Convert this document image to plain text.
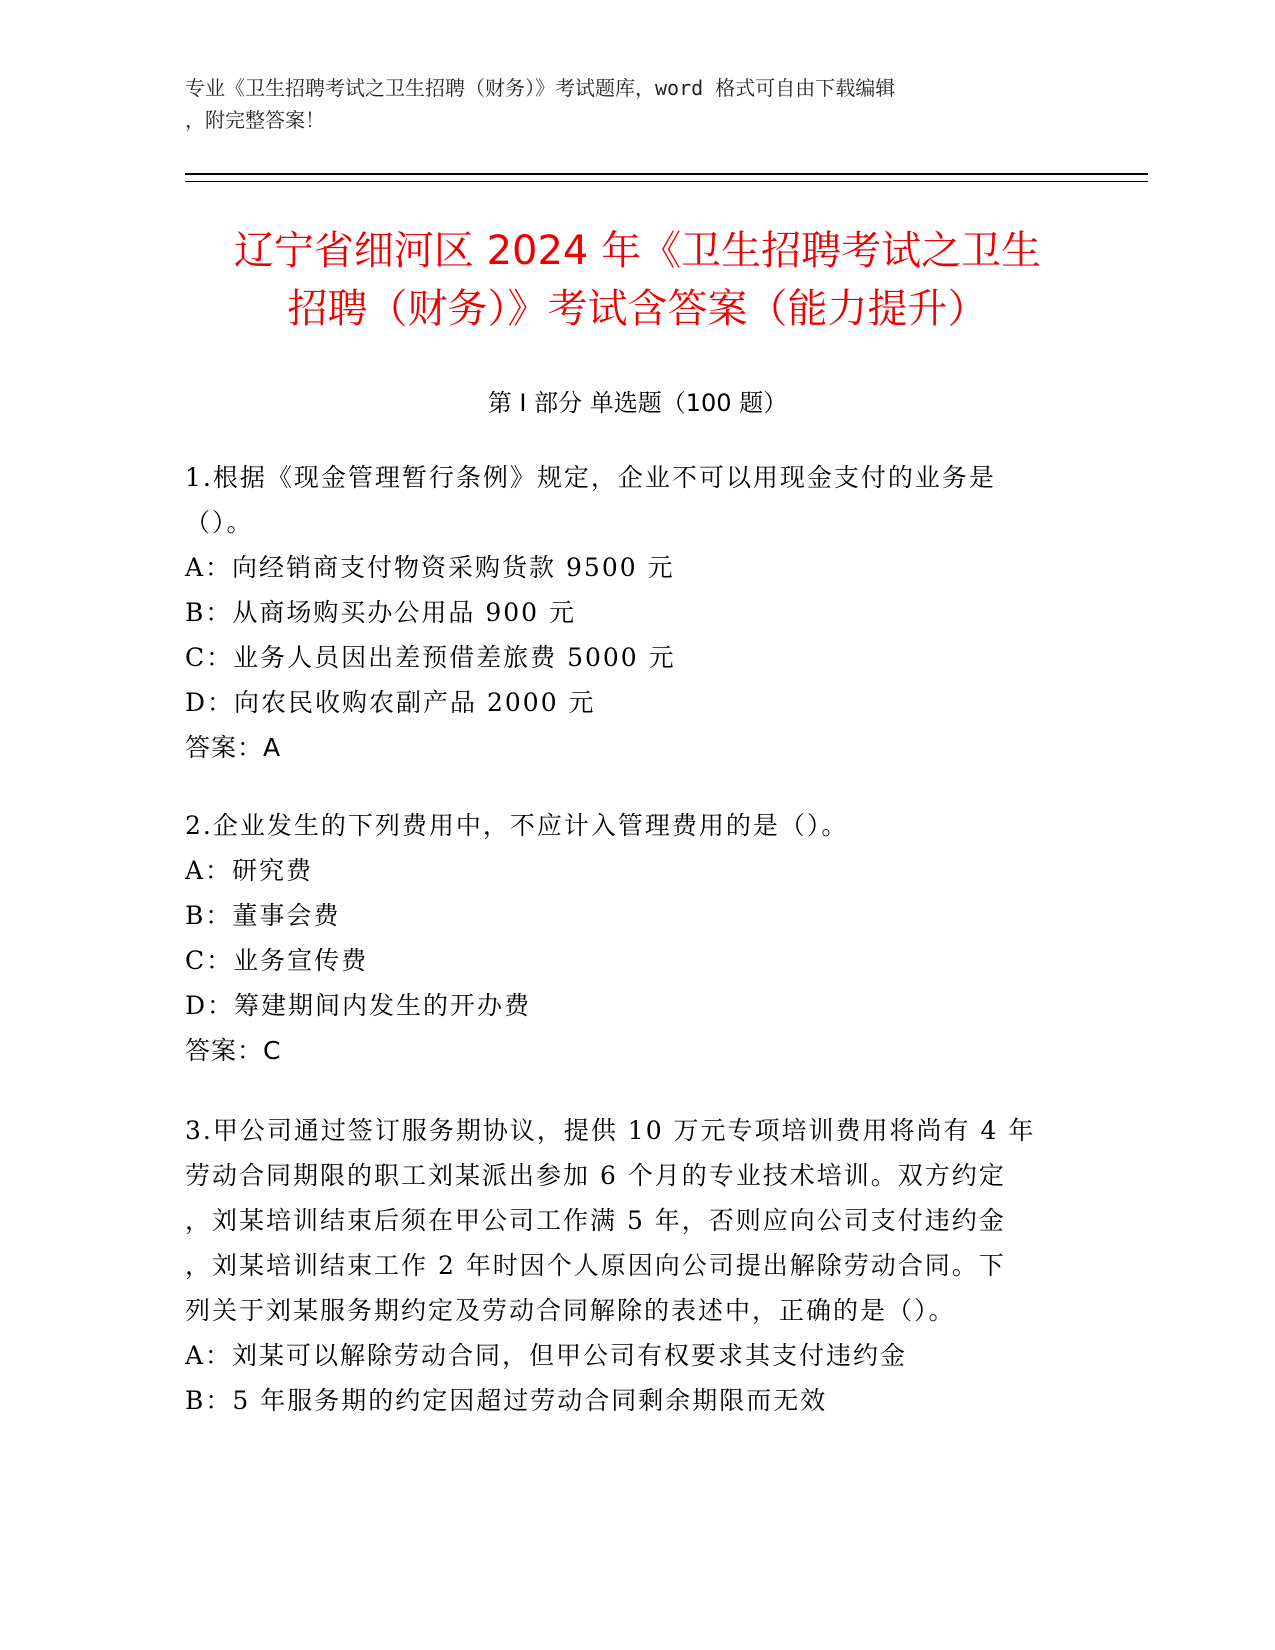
专业《卫生招聘考试之卫生招聘（财务）》考试题库，word 格式可自由下载编辑
，附完整答案！
辽宁省细河区 2024 年《卫生招聘考试之卫生
招聘（财务）》考试含答案（能力提升）
第 I 部分 单选题（100 题）
1.根据《现金管理暂行条例》规定，企业不可以用现金支付的业务是
（）。
A：向经销商支付物资采购货款 9500 元
B：从商场购买办公用品 900 元
C：业务人员因出差预借差旅费 5000 元
D：向农民收购农副产品 2000 元
答案：A
2.企业发生的下列费用中，不应计入管理费用的是（）。
A：研究费
B：董事会费
C：业务宣传费
D：筹建期间内发生的开办费
答案：C
3.甲公司通过签订服务期协议，提供 10 万元专项培训费用将尚有 4 年
劳动合同期限的职工刘某派出参加 6 个月的专业技术培训。双方约定
，刘某培训结束后须在甲公司工作满 5 年，否则应向公司支付违约金
，刘某培训结束工作 2 年时因个人原因向公司提出解除劳动合同。下
列关于刘某服务期约定及劳动合同解除的表述中，正确的是（）。
A：刘某可以解除劳动合同，但甲公司有权要求其支付违约金
B：5 年服务期的约定因超过劳动合同剩余期限而无效
